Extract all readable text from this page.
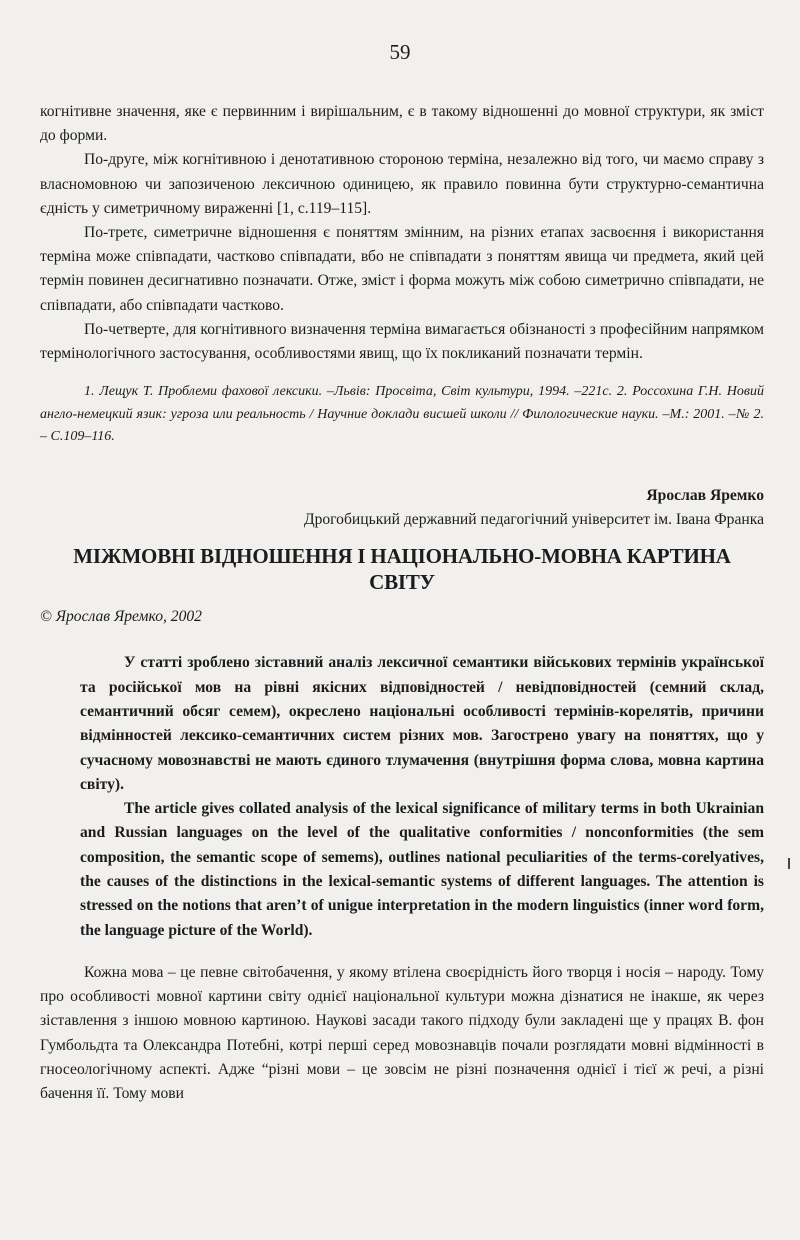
59

когнітивне значення, яке є первинним і вирішальним, є в такому відношенні до мовної структури, як зміст до форми.

По-друге, між когнітивною і денотативною стороною терміна, незалежно від того, чи маємо справу з власномовною чи запозиченою лексичною одиницею, як правило повинна бути структурно-семантична єдність у симетричному вираженні [1, с.119–115].

По-третє, симетричне відношення є поняттям змінним, на різних етапах засвоєння і використання терміна може співпадати, частково співпадати, вбо не співпадати з поняттям явища чи предмета, який цей термін повинен десигнативно позначати. Отже, зміст і форма можуть між собою симетрично співпадати, не співпадати, або співпадати частково.

По-четверте, для когнітивного визначення терміна вимагається обізнаності з професійним напрямком термінологічного застосування, особливостями явищ, що їх покликаний позначати термін.

1. Лещук Т. Проблеми фахової лексики. –Львів: Просвіта, Світ культури, 1994. –221с. 2. Россохина Г.Н. Новий англо-немецкий язик: угроза или реальность / Научние доклади висшей школи // Филологические науки. –М.: 2001. –№ 2. – С.109–116.

Ярослав Яремко
Дрогобицький державний педагогічний університет ім. Івана Франка
МІЖМОВНІ ВІДНОШЕННЯ І НАЦІОНАЛЬНО-МОВНА КАРТИНА СВІТУ
© Ярослав Яремко, 2002

У статті зроблено зіставний аналіз лексичної семантики військових термінів української та російської мов на рівні якісних відповідностей / невідповідностей (семний склад, семантичний обсяг семем), окреслено національні особливості термінів-корелятів, причини відмінностей лексико-семантичних систем різних мов. Загострено увагу на поняттях, що у сучасному мовознавстві не мають єдиного тлумачення (внутрішня форма слова, мовна картина світу).

The article gives collated analysis of the lexical significance of military terms in both Ukrainian and Russian languages on the level of the qualitative conformities / nonconformities (the sem composition, the semantic scope of semems), outlines national peculiarities of the terms-corelyatives, the causes of the distinctions in the lexical-semantic systems of different languages. The attention is stressed on the notions that aren’t of unigue interpretation in the modern linguistics (inner word form, the language picture of the World).

Кожна мова – це певне світобачення, у якому втілена своєрідність його творця і носія – народу. Тому про особливості мовної картини світу однієї національної культури можна дізнатися не інакше, як через зіставлення з іншою мовною картиною. Наукові засади такого підходу були закладені ще у працях В. фон Гумбольдта та Олександра Потебні, котрі перші серед мовознавців почали розглядати мовні відмінності в гносеологічному аспекті. Адже “різні мови – це зовсім не різні позначення однієї і тієї ж речі, а різні бачення її. Тому мови
